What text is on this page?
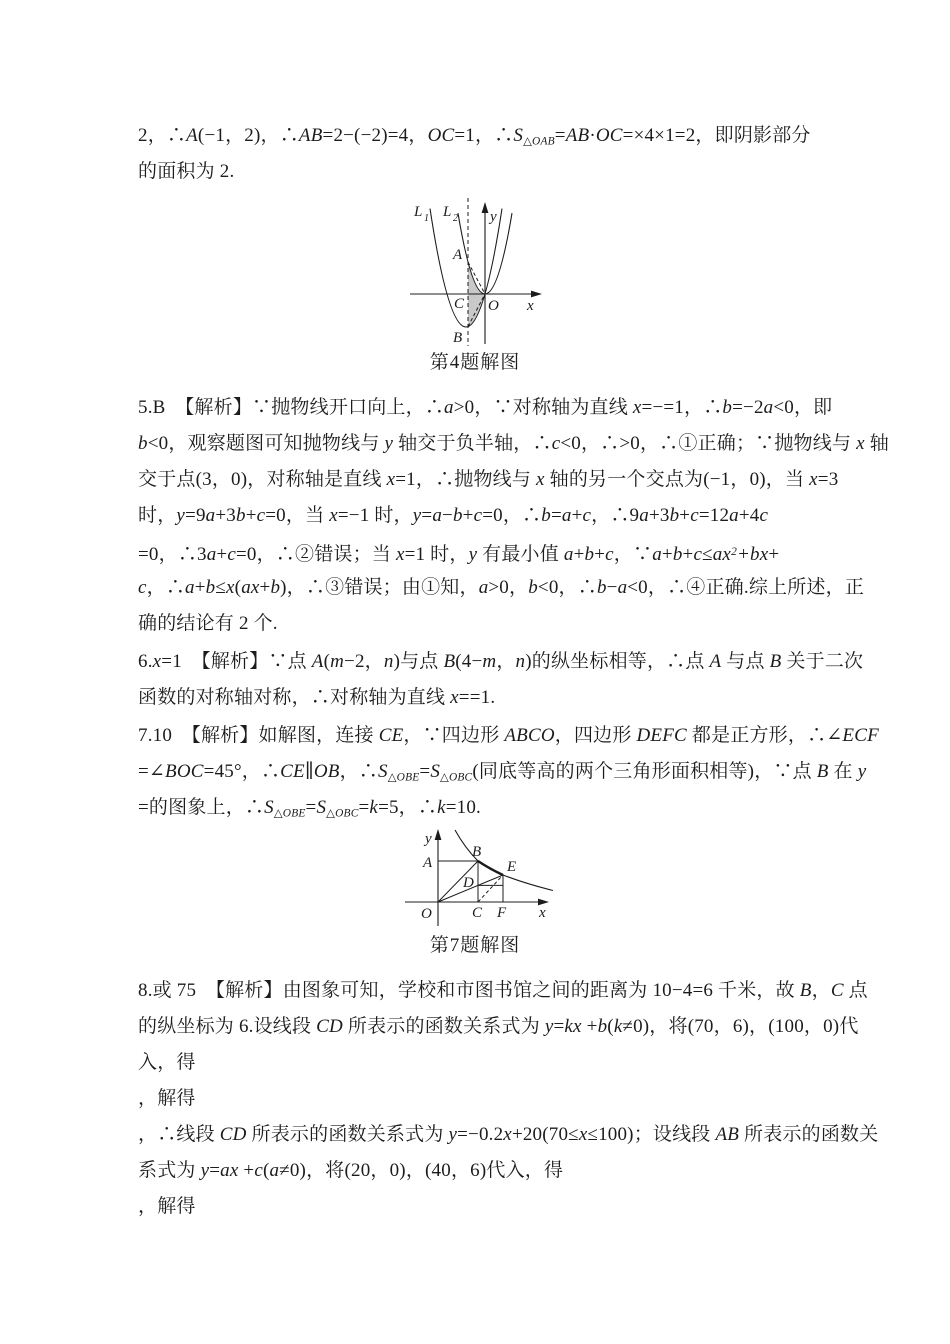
2，∴A(−1，2)，∴AB=2−(−2)=4，OC=1，∴S△OAB=AB·OC=×4×1=2，即阴影部分
的面积为 2.
L 1 L 2 y
x
O
A
B
C
第4题解图
5.B　【解析】∵抛物线开口向上，∴a>0，∵对称轴为直线 x=−=1，∴b=−2a<0，即
b<0，观察题图可知抛物线与 y 轴交于负半轴，∴c<0，∴>0，∴①正确；∵抛物线与 x 轴
交于点(3，0)，对称轴是直线 x=1，∴抛物线与 x 轴的另一个交点为(−1，0)，当 x=3
时，y=9a+3b+c=0，当 x=−1 时，y=a−b+c=0，∴b=a+c，∴9a+3b+c=12a+4c
=0，∴3a+c=0，∴②错误；当 x=1 时，y 有最小值 a+b+c，$\because a+b+c\le ax^2+bx+$
c，∴a+b≤x(ax+b)，∴③错误；由①知，a>0，b<0，∴b−a<0，∴④正确.综上所述，正
确的结论有 2 个.
6.x=1　【解析】∵点 A(m−2，n)与点 B(4−m，n)的纵坐标相等，∴点 A 与点 B 关于二次
函数的对称轴对称，∴对称轴为直线 x==1.
7.10　【解析】如解图，连接 CE，∵四边形 ABCO，四边形 DEFC 都是正方形，∴∠ECF
=∠BOC=45°，∴CE∥OB，∴S△OBE=S△OBC(同底等高的两个三角形面积相等)，∵点 B 在 y
=的图象上，∴S△OBE=S△OBC=k=5，∴k=10.
y
x
O
A
B
C
D
E
F
第7题解图
8.或 75　【解析】由图象可知，学校和市图书馆之间的距离为 10−4=6 千米，故 B，C 点
的纵坐标为 6.设线段 CD 所表示的函数关系式为 y=kx +b(k≠0)，将(70，6)，(100，0)代
入，得
，解得
，∴线段 CD 所表示的函数关系式为 y=−0.2x+20(70≤x≤100)；设线段 AB 所表示的函数关
系式为 y=ax +c(a≠0)，将(20，0)，(40，6)代入，得
，解得
